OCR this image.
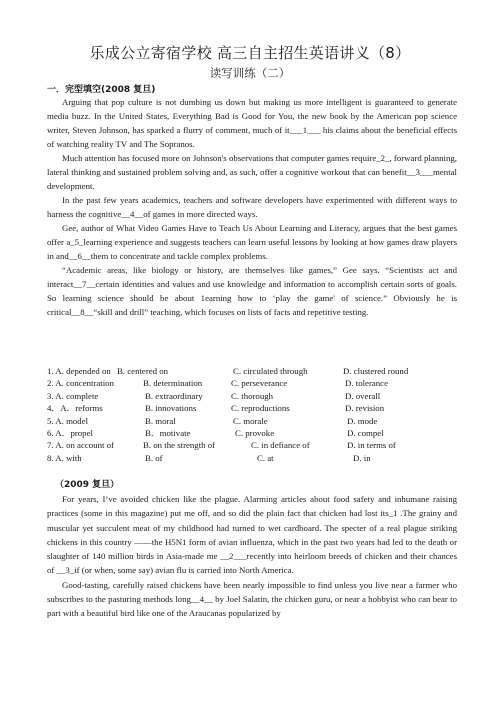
乐成公立寄宿学校 高三自主招生英语讲义（8）
读写训练（二）
一．完型填空(2008 复旦)

Arguing that pop culture is not dumbing us down but making us more intelligent is guaranteed to generate media buzz. In the United States, Everything Bad is Good for You, the new book by the American pop science writer, Steven Johnson, has sparked a flurry of comment, much of it___1___ his claims about the beneficial effects of watching reality TV and The Sopranos.

Much attention has focused more on Johnson's observations that computer games require_2_, forward planning, lateral thinking and sustained problem solving and, as such, offer a cognitive workout that can benefit__3___mental development.

In the past few years academics, teachers and software developers have experimented with different ways to harness the cognitive__4__of games in more directed ways.

Gee, author of What Video Games Have to Teach Us About Learning and Literacy, argues that the best games offer a_5_learning experience and suggests teachers can learn useful lessons by looking at how games draw players in and__6__them to concentrate and tackle complex problems.

“Academic areas, like biology or history, are themselves like games,” Gee says. “Scientists act and interact__7__certain identities and values and use knowledge and information to accomplish certain sorts of goals. So learning science should be about 1earning how to ‘play the game' of science.” Obviously he is critical__8__“skill and drill” teaching, which focuses on lists of facts and repetitive testing.

1. A. depended on B. centered on	C. circulated through	D. clustered round
2. A. concentration	B. determination	C. perseverance	D. tolerance
3. A. complete	B. extraordinary	C. thorough	D. overall
4．A．reforms	B. innovations	C. reproductions	D. revision
5. A. model	B. moral	C. morale	D. mode
6. A．propel	B．motivate	C. provoke	D. compel
7. A. on account of	B. on the strength of	C. in defiance of	D. in terms of
8. A. with	B. of	C. at	D. in
（2009 复旦）

For years, I’ve avoided chicken like the plague. Alarming articles about food safety and inhumane raising practices (some in this magazine) put me off, and so did the plain fact that chicken had lost its_1 .The grainy and muscular yet succulent meat of my childhood had turned to wet cardboard. The specter of a real plague striking chickens in this country ——the H5N1 form of avian influenza, which in the past two years had led to the death or slaughter of 140 million birds in Asia-made me __2___recently into heirloom breeds of chicken and their chances of __3_if (or when, some say) avian flu is carried into North America.

Good-tasting, carefully raised chickens have been nearly impossible to find unless you live near a farmer who subscribes to the pasturing methods long__4__ by Joel Salatin, the chicken guru, or near a hobbyist who can bear to part with a beautiful bird like one of the Araucanas popularized by
